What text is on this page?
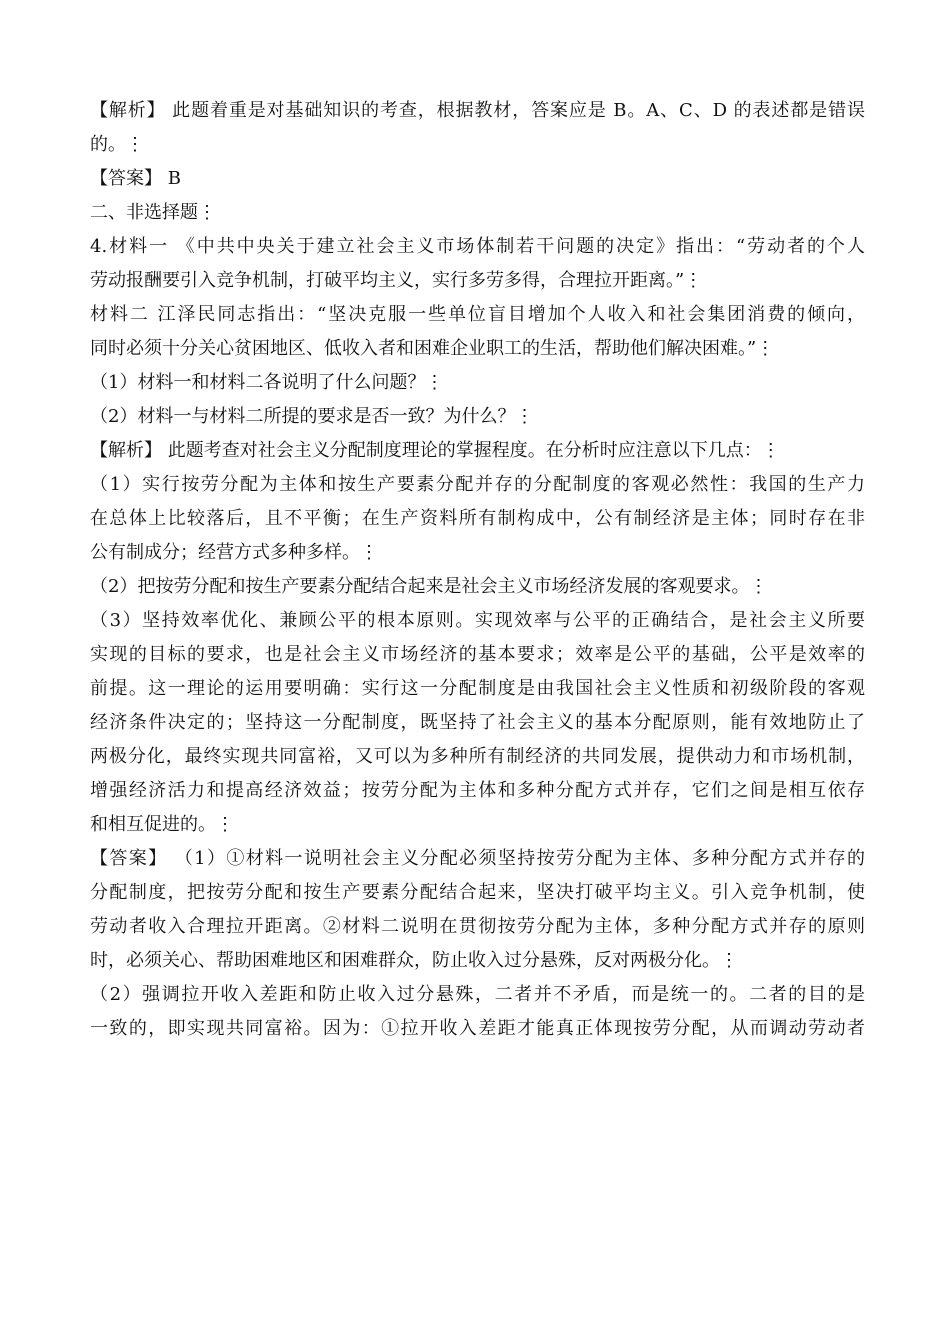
【解析】 此题着重是对基础知识的考查，根据教材，答案应是 B。A、C、D 的表述都是错误
的。⋮
【答案】 B
二、非选择题⋮
4.材料一 《中共中央关于建立社会主义市场体制若干问题的决定》指出：“劳动者的个人
劳动报酬要引入竞争机制，打破平均主义，实行多劳多得，合理拉开距离。”⋮
材料二 江泽民同志指出：“坚决克服一些单位盲目增加个人收入和社会集团消费的倾向，
同时必须十分关心贫困地区、低收入者和困难企业职工的生活，帮助他们解决困难。”⋮
（1）材料一和材料二各说明了什么问题？⋮
（2）材料一与材料二所提的要求是否一致？为什么？⋮
【解析】 此题考查对社会主义分配制度理论的掌握程度。在分析时应注意以下几点：⋮
（1）实行按劳分配为主体和按生产要素分配并存的分配制度的客观必然性：我国的生产力
在总体上比较落后，且不平衡；在生产资料所有制构成中，公有制经济是主体；同时存在非
公有制成分；经营方式多种多样。⋮
（2）把按劳分配和按生产要素分配结合起来是社会主义市场经济发展的客观要求。⋮
（3）坚持效率优化、兼顾公平的根本原则。实现效率与公平的正确结合，是社会主义所要
实现的目标的要求，也是社会主义市场经济的基本要求；效率是公平的基础，公平是效率的
前提。这一理论的运用要明确：实行这一分配制度是由我国社会主义性质和初级阶段的客观
经济条件决定的；坚持这一分配制度，既坚持了社会主义的基本分配原则，能有效地防止了
两极分化，最终实现共同富裕，又可以为多种所有制经济的共同发展，提供动力和市场机制，
增强经济活力和提高经济效益；按劳分配为主体和多种分配方式并存，它们之间是相互依存
和相互促进的。⋮
【答案】 （1）①材料一说明社会主义分配必须坚持按劳分配为主体、多种分配方式并存的
分配制度，把按劳分配和按生产要素分配结合起来，坚决打破平均主义。引入竞争机制，使
劳动者收入合理拉开距离。②材料二说明在贯彻按劳分配为主体，多种分配方式并存的原则
时，必须关心、帮助困难地区和困难群众，防止收入过分悬殊，反对两极分化。⋮
（2）强调拉开收入差距和防止收入过分悬殊，二者并不矛盾，而是统一的。二者的目的是
一致的，即实现共同富裕。因为：①拉开收入差距才能真正体现按劳分配，从而调动劳动者
